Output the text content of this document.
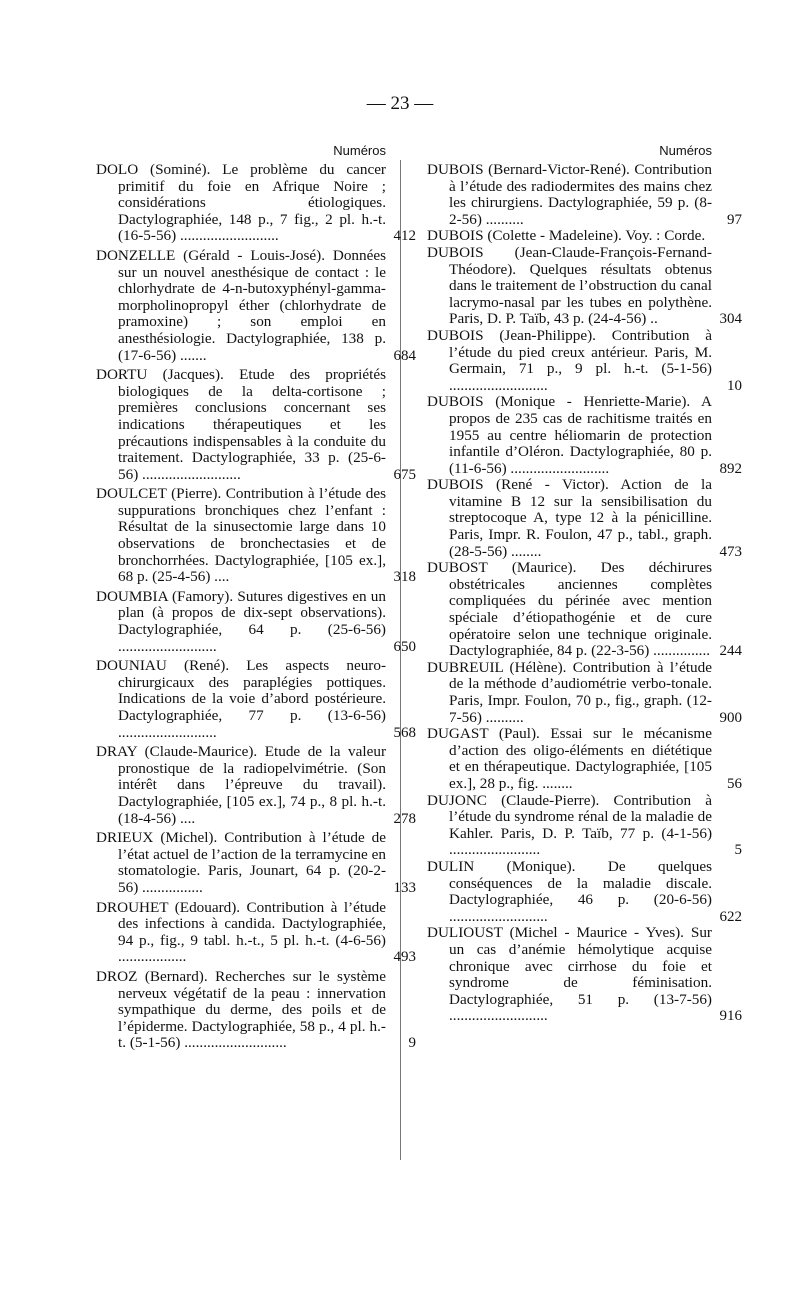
— 23 —
Numéros
DOLO (Sominé). Le problème du cancer primitif du foie en Afrique Noire ; considérations étiologiques. Dactylographiée, 148 p., 7 fig., 2 pl. h.-t. (16-5-56) ..........................	412
DONZELLE (Gérald - Louis-José). Données sur un nouvel anesthésique de contact : le chlorhydrate de 4-n-butoxyphényl-gamma-morpholinopropyl éther (chlorhydrate de pramoxine) ; son emploi en anesthésiologie. Dactylographiée, 138 p. (17-6-56) .......	684
DORTU (Jacques). Etude des propriétés biologiques de la delta-cortisone ; premières conclusions concernant ses indications thérapeutiques et les précautions indispensables à la conduite du traitement. Dactylographiée, 33 p. (25-6-56) ..........................	675
DOULCET (Pierre). Contribution à l’étude des suppurations bronchiques chez l’enfant : Résultat de la sinusectomie large dans 10 observations de bronchectasies et de bronchorrhées. Dactylographiée, [105 ex.], 68 p. (25-4-56) ....	318
DOUMBIA (Famory). Sutures digestives en un plan (à propos de dix-sept observations). Dactylographiée, 64 p. (25-6-56) ..........................	650
DOUNIAU (René). Les aspects neuro-chirurgicaux des paraplégies pottiques. Indications de la voie d’abord postérieure. Dactylographiée, 77 p. (13-6-56) ..........................	568
DRAY (Claude-Maurice). Etude de la valeur pronostique de la radiopelvimétrie. (Son intérêt dans l’épreuve du travail). Dactylographiée, [105 ex.], 74 p., 8 pl. h.-t. (18-4-56) ....	278
DRIEUX (Michel). Contribution à l’étude de l’état actuel de l’action de la terramycine en stomatologie. Paris, Jounart, 64 p. (20-2-56) ................	133
DROUHET (Edouard). Contribution à l’étude des infections à candida. Dactylographiée, 94 p., fig., 9 tabl. h.-t., 5 pl. h.-t. (4-6-56) ..................	493
DROZ (Bernard). Recherches sur le système nerveux végétatif de la peau : innervation sympathique du derme, des poils et de l’épiderme. Dactylographiée, 58 p., 4 pl. h.-t. (5-1-56) ...........................	9
Numéros
DUBOIS (Bernard-Victor-René). Contribution à l’étude des radiodermites des mains chez les chirurgiens. Dactylographiée, 59 p. (8-2-56) ..........	97
DUBOIS (Colette - Madeleine). Voy. : Corde.
DUBOIS (Jean-Claude-François-Fernand-Théodore). Quelques résultats obtenus dans le traitement de l’obstruction du canal lacrymo-nasal par les tubes en polythène. Paris, D. P. Taïb, 43 p. (24-4-56) ..	304
DUBOIS (Jean-Philippe). Contribution à l’étude du pied creux antérieur. Paris, M. Germain, 71 p., 9 pl. h.-t. (5-1-56) ..........................	10
DUBOIS (Monique - Henriette-Marie). A propos de 235 cas de rachitisme traités en 1955 au centre héliomarin de protection infantile d’Oléron. Dactylographiée, 80 p. (11-6-56) ..........................	892
DUBOIS (René - Victor). Action de la vitamine B 12 sur la sensibilisation du streptocoque A, type 12 à la pénicilline. Paris, Impr. R. Foulon, 47 p., tabl., graph. (28-5-56) ........	473
DUBOST (Maurice). Des déchirures obstétricales anciennes complètes compliquées du périnée avec mention spéciale d’étiopathogénie et de cure opératoire selon une technique originale. Dactylographiée, 84 p. (22-3-56) ............... 244
DUBREUIL (Hélène). Contribution à l’étude de la méthode d’audiométrie verbo-tonale. Paris, Impr. Foulon, 70 p., fig., graph. (12-7-56) ..........	900
DUGAST (Paul). Essai sur le mécanisme d’action des oligo-éléments en diététique et en thérapeutique. Dactylographiée, [105 ex.], 28 p., fig. ........	56
DUJONC (Claude-Pierre). Contribution à l’étude du syndrome rénal de la maladie de Kahler. Paris, D. P. Taïb, 77 p. (4-1-56) ........................	5
DULIN (Monique). De quelques conséquences de la maladie discale. Dactylographiée, 46 p. (20-6-56) ..........................	622
DULIOUST (Michel - Maurice - Yves). Sur un cas d’anémie hémolytique acquise chronique avec cirrhose du foie et syndrome de féminisation. Dactylographiée, 51 p. (13-7-56) ..........................	916
